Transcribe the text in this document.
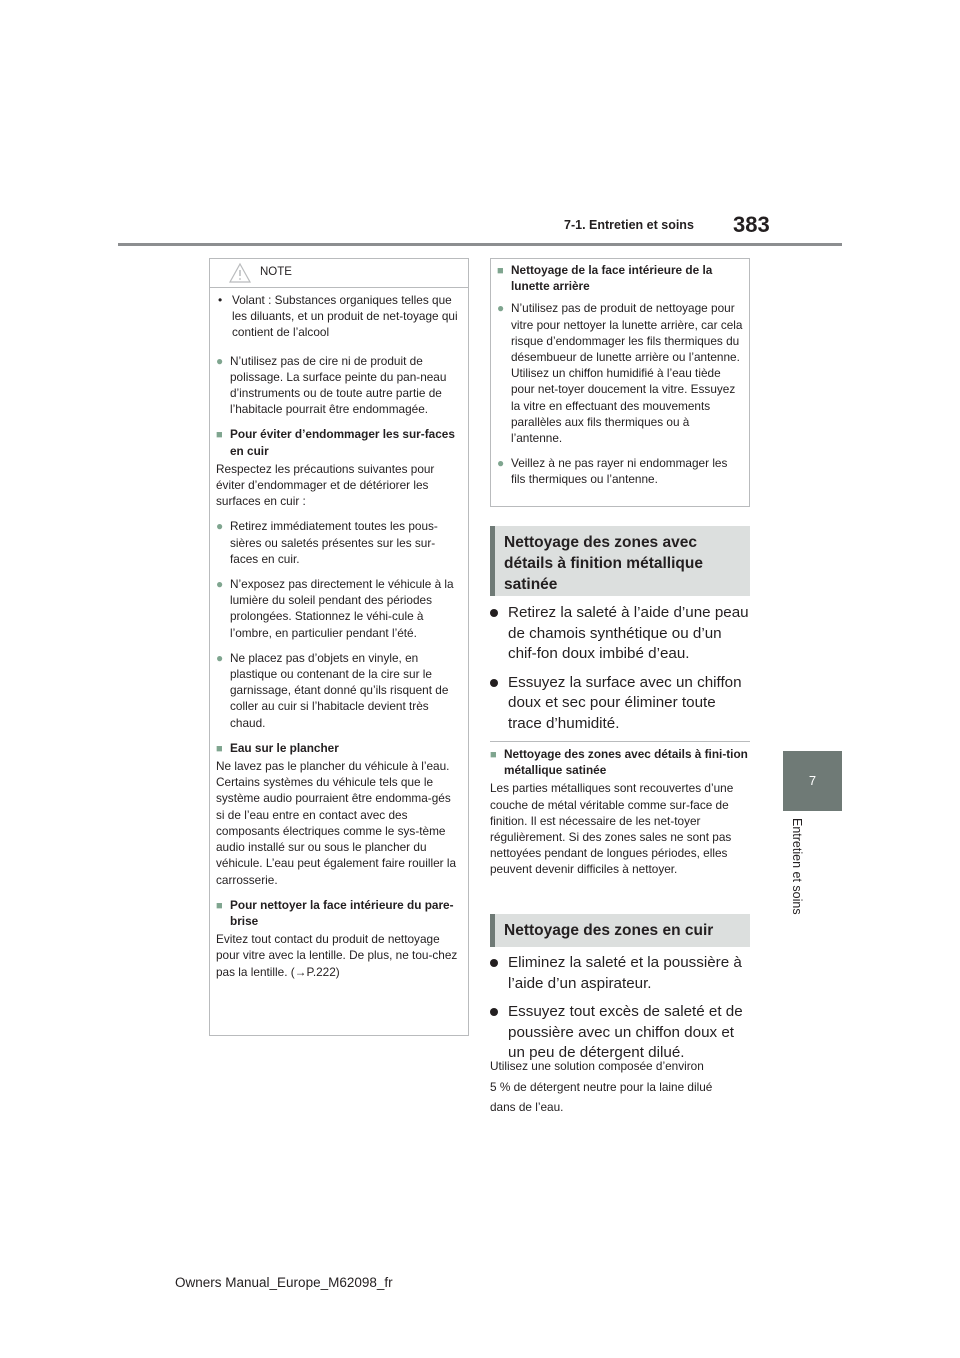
7-1. Entretien et soins 383
7
Entretien et soins
NOTE
• Volant : Substances organiques telles que les diluants, et un produit de net-toyage qui contient de l’alcool
● N’utilisez pas de cire ni de produit de polissage. La surface peinte du pan-neau d’instruments ou de toute autre partie de l’habitacle pourrait être endommagée.
■ Pour éviter d’endommager les sur-faces en cuir
Respectez les précautions suivantes pour éviter d’endommager et de détériorer les surfaces en cuir :
● Retirez immédiatement toutes les pous-sières ou saletés présentes sur les sur-faces en cuir.
● N’exposez pas directement le véhicule à la lumière du soleil pendant des périodes prolongées. Stationnez le véhi-cule à l’ombre, en particulier pendant l’été.
● Ne placez pas d’objets en vinyle, en plastique ou contenant de la cire sur le garnissage, étant donné qu’ils risquent de coller au cuir si l’habitacle devient très chaud.
■ Eau sur le plancher
Ne lavez pas le plancher du véhicule à l’eau.
Certains systèmes du véhicule tels que le système audio pourraient être endomma-gés si de l’eau entre en contact avec des composants électriques comme le sys-tème audio installé sur ou sous le plancher du véhicule. L’eau peut également faire rouiller la carrosserie.
■ Pour nettoyer la face intérieure du pare-brise
Evitez tout contact du produit de nettoyage pour vitre avec la lentille. De plus, ne tou-chez pas la lentille. (→P.222)
■ Nettoyage de la face intérieure de la lunette arrière
● N’utilisez pas de produit de nettoyage pour vitre pour nettoyer la lunette arrière, car cela risque d’endommager les fils thermiques du désembueur de lunette arrière ou l’antenne. Utilisez un chiffon humidifié à l’eau tiède pour net-toyer doucement la vitre. Essuyez la vitre en effectuant des mouvements parallèles aux fils thermiques ou à l’antenne.
● Veillez à ne pas rayer ni endommager les fils thermiques ou l’antenne.
Nettoyage des zones avec détails à finition métallique satinée
Retirez la saleté à l’aide d’une peau de chamois synthétique ou d’un chif-fon doux imbibé d’eau.
Essuyez la surface avec un chiffon doux et sec pour éliminer toute trace d’humidité.
■ Nettoyage des zones avec détails à fini-tion métallique satinée
Les parties métalliques sont recouvertes d’une couche de métal véritable comme sur-face de finition. Il est nécessaire de les net-toyer régulièrement. Si des zones sales ne sont pas nettoyées pendant de longues périodes, elles peuvent devenir difficiles à nettoyer.
Nettoyage des zones en cuir
Eliminez la saleté et la poussière à l’aide d’un aspirateur.
Essuyez tout excès de saleté et de poussière avec un chiffon doux et un peu de détergent dilué.
Utilisez une solution composée d’environ
5 % de détergent neutre pour la laine dilué
dans de l’eau.
Owners Manual_Europe_M62098_fr
